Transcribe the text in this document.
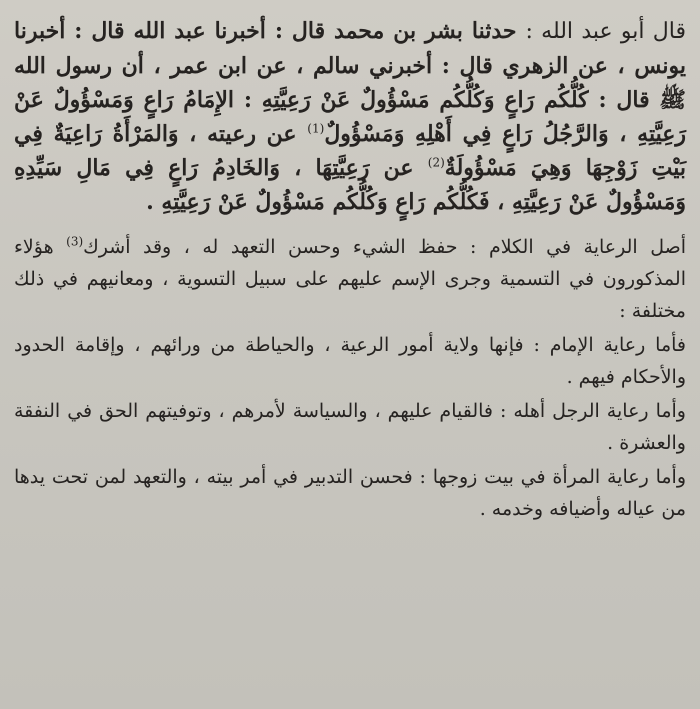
قال أبو عبد الله : حدثنا بشر بن محمد قال : أخبرنا عبد الله قال : أخبرنا يونس ، عن الزهري قال : أخبرني سالم ، عن ابن عمر ، أن رسول الله ﷺ قال : كُلُّكُم رَاعٍ وَكُلُّكُم مَسْؤُولٌ عَنْ رَعِيَّتِهِ : الإِمَامُ رَاعٍ وَمَسْؤُولٌ عَنْ رَعِيَّتِهِ ، وَالرَّجُلُ رَاعٍ فِي أَهْلِهِ وَمَسْؤُولٌ$^{(1)}$ عن رعيته ، وَالمَرْأَةُ رَاعِيَةٌ فِي بَيْتِ زَوْجِهَا وَهِيَ مَسْؤُولَةٌ$^{(2)}$ عن رَعِيَّتِهَا ، وَالخَادِمُ رَاعٍ فِي مَالِ سَيِّدِهِ وَمَسْؤُولٌ عَنْ رَعِيَّتِهِ ، فَكُلُّكُم رَاعٍ وَكُلُّكُم مَسْؤُولٌ عَنْ رَعِيَّتِهِ .

أصل الرعاية في الكلام : حفظ الشيء وحسن التعهد له ، وقد أشرك$^{(3)}$ هؤلاء المذكورون في التسمية وجرى الإسم عليهم على سبيل التسوية ، ومعانيهم في ذلك مختلفة :

فأما رعاية الإمام : فإنها ولاية أمور الرعية ، والحياطة من ورائهم ، وإقامة الحدود والأحكام فيهم .

وأما رعاية الرجل أهله : فالقيام عليهم ، والسياسة لأمرهم ، وتوفيتهم الحق في النفقة والعشرة .

وأما رعاية المرأة في بيت زوجها : فحسن التدبير في أمر بيته ، والتعهد لمن تحت يدها من عياله وأضيافه وخدمه .
